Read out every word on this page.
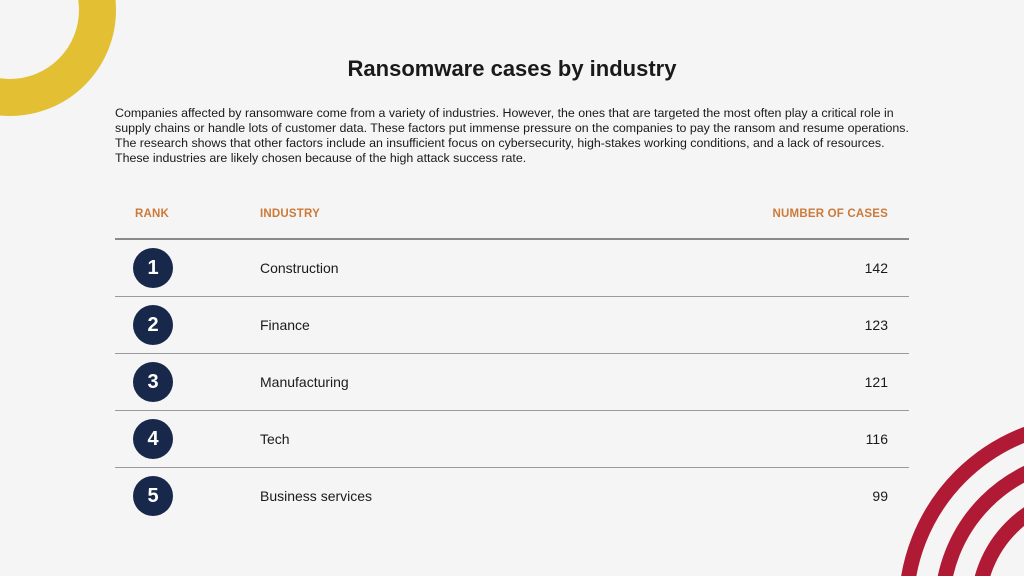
Ransomware cases by industry

Companies affected by ransomware come from a variety of industries. However, the ones that are targeted the most often play a critical role in supply chains or handle lots of customer data. These factors put immense pressure on the companies to pay the ransom and resume operations. The research shows that other factors include an insufficient focus on cybersecurity, high-stakes working conditions, and a lack of resources. These industries are likely chosen because of the high attack success rate.

RANK	INDUSTRY	NUMBER OF CASES
1	Construction	142
2	Finance	123
3	Manufacturing	121
4	Tech	116
5	Business services	99
